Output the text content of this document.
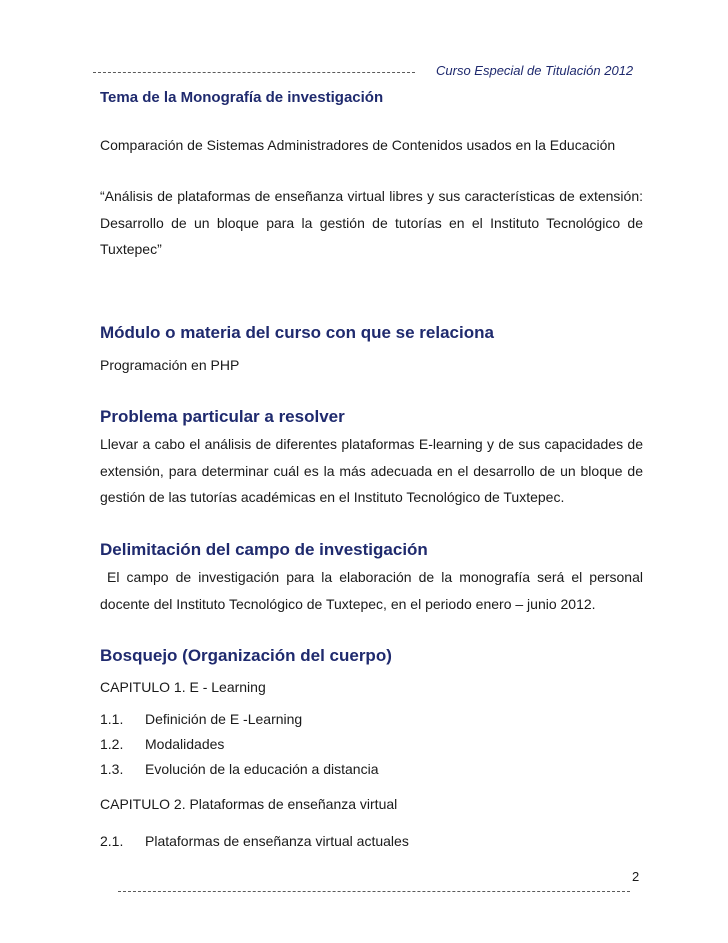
Curso Especial de Titulación 2012
Tema de la Monografía de investigación
Comparación de Sistemas Administradores de Contenidos usados en la Educación

“Análisis de plataformas de enseñanza virtual libres y sus características de extensión: Desarrollo de un bloque para la gestión de tutorías en el Instituto Tecnológico de Tuxtepec”

Módulo o materia del curso con que se relaciona
Programación en PHP
Problema particular a resolver

Llevar a cabo el análisis de diferentes plataformas E-learning y de sus capacidades de extensión, para determinar cuál es la más adecuada en el desarrollo de un bloque de gestión de las tutorías académicas en el Instituto Tecnológico de Tuxtepec.

Delimitación del campo de investigación

El campo de investigación para la elaboración de la monografía será el personal docente del Instituto Tecnológico de Tuxtepec, en el periodo enero – junio 2012.

Bosquejo (Organización del cuerpo)
CAPITULO 1. E - Learning
1.1. Definición de E -Learning
1.2. Modalidades
1.3. Evolución de la educación a distancia
CAPITULO 2. Plataformas de enseñanza virtual
2.1. Plataformas de enseñanza virtual actuales
2
